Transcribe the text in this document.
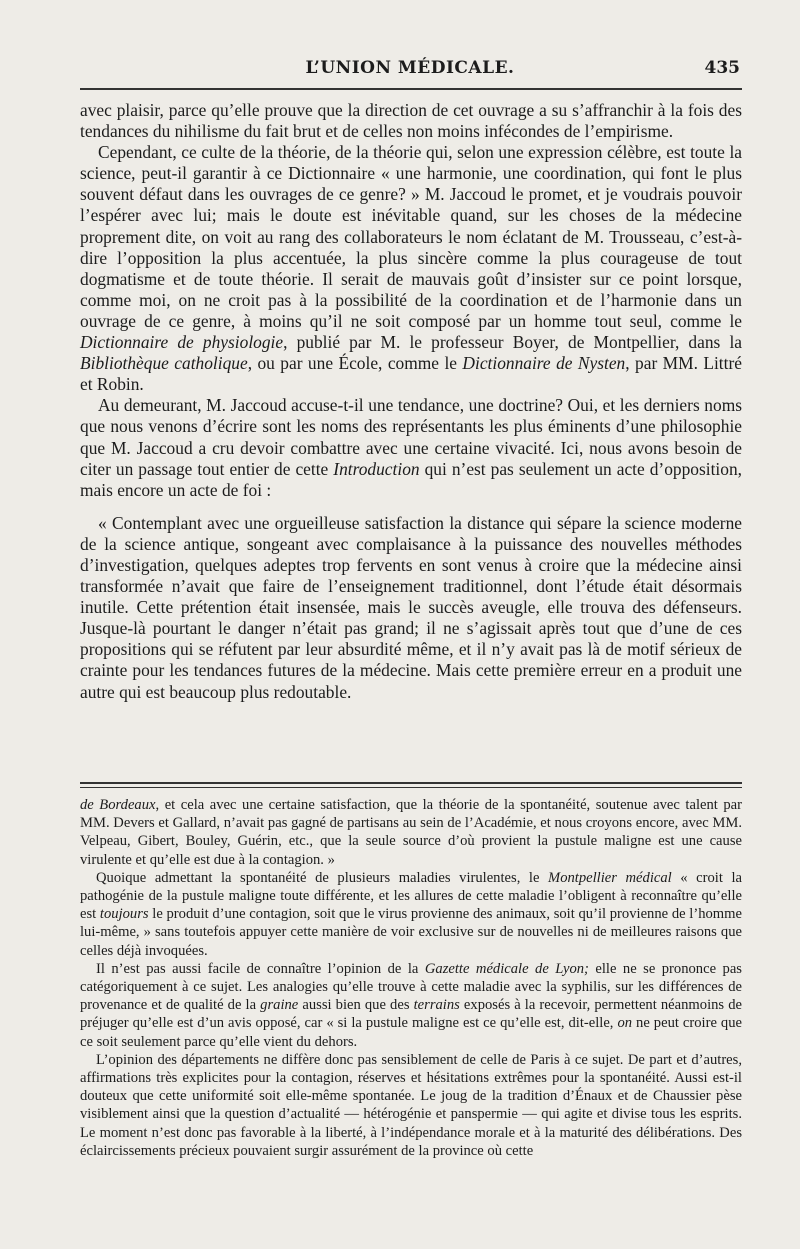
L’UNION MÉDICALE.	435

avec plaisir, parce qu’elle prouve que la direction de cet ouvrage a su s’affranchir à la fois des tendances du nihilisme du fait brut et de celles non moins infécondes de l’empirisme.

Cependant, ce culte de la théorie, de la théorie qui, selon une expression célèbre, est toute la science, peut-il garantir à ce Dictionnaire « une harmonie, une coordination, qui font le plus souvent défaut dans les ouvrages de ce genre? » M. Jaccoud le promet, et je voudrais pouvoir l’espérer avec lui; mais le doute est inévitable quand, sur les choses de la médecine proprement dite, on voit au rang des collaborateurs le nom éclatant de M. Trousseau, c’est-à-dire l’opposition la plus accentuée, la plus sincère comme la plus courageuse de tout dogmatisme et de toute théorie. Il serait de mauvais goût d’insister sur ce point lorsque, comme moi, on ne croit pas à la possibilité de la coordination et de l’harmonie dans un ouvrage de ce genre, à moins qu’il ne soit composé par un homme tout seul, comme le Dictionnaire de physiologie, publié par M. le professeur Boyer, de Montpellier, dans la Bibliothèque catholique, ou par une École, comme le Dictionnaire de Nysten, par MM. Littré et Robin.

Au demeurant, M. Jaccoud accuse-t-il une tendance, une doctrine? Oui, et les derniers noms que nous venons d’écrire sont les noms des représentants les plus éminents d’une philosophie que M. Jaccoud a cru devoir combattre avec une certaine vivacité. Ici, nous avons besoin de citer un passage tout entier de cette Introduction qui n’est pas seulement un acte d’opposition, mais encore un acte de foi :

« Contemplant avec une orgueilleuse satisfaction la distance qui sépare la science moderne de la science antique, songeant avec complaisance à la puissance des nouvelles méthodes d’investigation, quelques adeptes trop fervents en sont venus à croire que la médecine ainsi transformée n’avait que faire de l’enseignement traditionnel, dont l’étude était désormais inutile. Cette prétention était insensée, mais le succès aveugle, elle trouva des défenseurs. Jusque-là pourtant le danger n’était pas grand; il ne s’agissait après tout que d’une de ces propositions qui se réfutent par leur absurdité même, et il n’y avait pas là de motif sérieux de crainte pour les tendances futures de la médecine. Mais cette première erreur en a produit une autre qui est beaucoup plus redoutable.

de Bordeaux, et cela avec une certaine satisfaction, que la théorie de la spontanéité, soutenue avec talent par MM. Devers et Gallard, n’avait pas gagné de partisans au sein de l’Académie, et nous croyons encore, avec MM. Velpeau, Gibert, Bouley, Guérin, etc., que la seule source d’où provient la pustule maligne est une cause virulente et qu’elle est due à la contagion. »

Quoique admettant la spontanéité de plusieurs maladies virulentes, le Montpellier médical « croit la pathogénie de la pustule maligne toute différente, et les allures de cette maladie l’obligent à reconnaître qu’elle est toujours le produit d’une contagion, soit que le virus provienne des animaux, soit qu’il provienne de l’homme lui-même, » sans toutefois appuyer cette manière de voir exclusive sur de nouvelles ni de meilleures raisons que celles déjà invoquées.

Il n’est pas aussi facile de connaître l’opinion de la Gazette médicale de Lyon; elle ne se prononce pas catégoriquement à ce sujet. Les analogies qu’elle trouve à cette maladie avec la syphilis, sur les différences de provenance et de qualité de la graine aussi bien que des terrains exposés à la recevoir, permettent néanmoins de préjuger qu’elle est d’un avis opposé, car « si la pustule maligne est ce qu’elle est, dit-elle, on ne peut croire que ce soit seulement parce qu’elle vient du dehors.

L’opinion des départements ne diffère donc pas sensiblement de celle de Paris à ce sujet. De part et d’autres, affirmations très explicites pour la contagion, réserves et hésitations extrêmes pour la spontanéité. Aussi est-il douteux que cette uniformité soit elle-même spontanée. Le joug de la tradition d’Énaux et de Chaussier pèse visiblement ainsi que la question d’actualité — hétérogénie et panspermie — qui agite et divise tous les esprits. Le moment n’est donc pas favorable à la liberté, à l’indépendance morale et à la maturité des délibérations. Des éclaircissements précieux pouvaient surgir assurément de la province où cette
